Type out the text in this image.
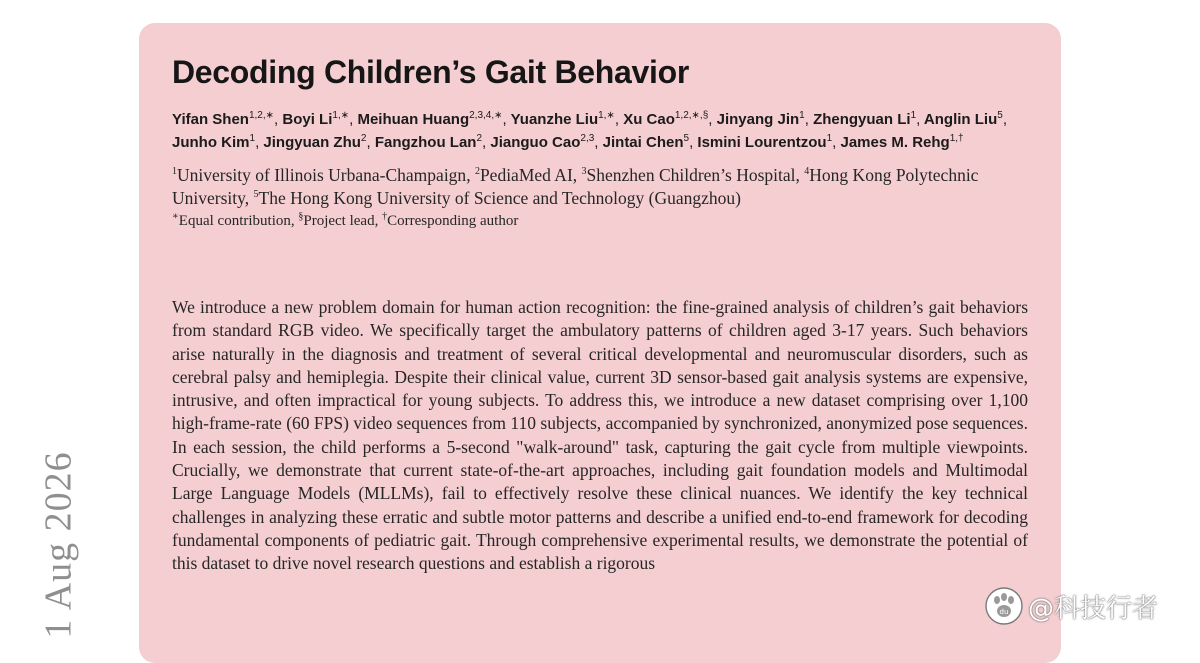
1 Aug 2026
Decoding Children’s Gait Behavior
Yifan Shen$^{1,2,∗}$, Boyi $Li^{1,∗}$, Meihuan Huang$^{2,3,4,∗}$, Yuanzhe Liu$^{1,∗}$, Xu Cao$^{1,2,∗,\S}$, Jinyang Jin$^1$, Zhengyuan Li$^1$, Anglin Liu$^5$, Junho Kim$^1$, Jingyuan Zhu$^2$, Fangzhou Lan$^2$, Jianguo Cao$^{2,3}$, Jintai Chen$^5$, Ismini Lourentzou$^1$, James M. Rehg$^{1,\dagger}$
$^1$University of Illinois Urbana-Champaign, $^2$PediaMed AI, $^3$Shenzhen Children’s Hospital, $^4$Hong Kong Polytechnic University, $^5$The Hong Kong University of Science and Technology (Guangzhou)
∗Equal contribution, §Project lead, †Corresponding author
We introduce a new problem domain for human action recognition: the fine-grained analysis of children’s gait behaviors from standard RGB video. We specifically target the ambulatory patterns of children aged 3-17 years. Such behaviors arise naturally in the diagnosis and treatment of several critical developmental and neuromuscular disorders, such as cerebral palsy and hemiplegia. Despite their clinical value, current 3D sensor-based gait analysis systems are expensive, intrusive, and often impractical for young subjects. To address this, we introduce a new dataset comprising over 1,100 high-frame-rate (60 FPS) video sequences from 110 subjects, accompanied by synchronized, anonymized pose sequences. In each session, the child performs a 5-second "walk-around" task, capturing the gait cycle from multiple viewpoints. Crucially, we demonstrate that current state-of-the-art approaches, including gait foundation models and Multimodal Large Language Models (MLLMs), fail to effectively resolve these clinical nuances. We identify the key technical challenges in analyzing these erratic and subtle motor patterns and describe a unified end-to-end framework for decoding fundamental components of pediatric gait. Through comprehensive experimental results, we demonstrate the potential of this dataset to drive novel research questions and establish a rigorous
du @科技行者
